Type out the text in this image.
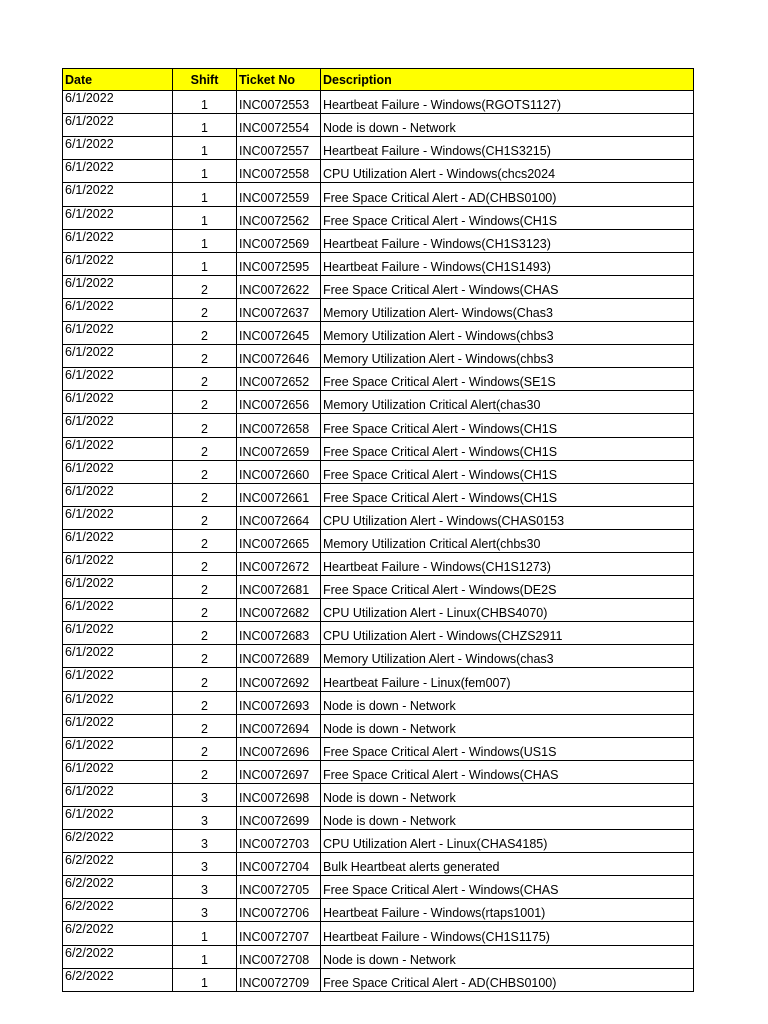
Date	Shift	Ticket No	Description
6/1/2022	1	INC0072553	Heartbeat Failure - Windows(RGOTS1127)
6/1/2022	1	INC0072554	Node is down - Network
6/1/2022	1	INC0072557	Heartbeat Failure - Windows(CH1S3215)
6/1/2022	1	INC0072558	CPU Utilization Alert - Windows(chcs2024
6/1/2022	1	INC0072559	Free Space Critical Alert - AD(CHBS0100)
6/1/2022	1	INC0072562	Free Space Critical Alert - Windows(CH1S
6/1/2022	1	INC0072569	Heartbeat Failure - Windows(CH1S3123)
6/1/2022	1	INC0072595	Heartbeat Failure - Windows(CH1S1493)
6/1/2022	2	INC0072622	Free Space Critical Alert - Windows(CHAS
6/1/2022	2	INC0072637	Memory Utilization Alert- Windows(Chas3
6/1/2022	2	INC0072645	Memory Utilization Alert - Windows(chbs3
6/1/2022	2	INC0072646	Memory Utilization Alert - Windows(chbs3
6/1/2022	2	INC0072652	Free Space Critical Alert - Windows(SE1S
6/1/2022	2	INC0072656	Memory Utilization Critical Alert(chas30
6/1/2022	2	INC0072658	Free Space Critical Alert - Windows(CH1S
6/1/2022	2	INC0072659	Free Space Critical Alert - Windows(CH1S
6/1/2022	2	INC0072660	Free Space Critical Alert - Windows(CH1S
6/1/2022	2	INC0072661	Free Space Critical Alert - Windows(CH1S
6/1/2022	2	INC0072664	CPU Utilization Alert - Windows(CHAS0153
6/1/2022	2	INC0072665	Memory Utilization Critical Alert(chbs30
6/1/2022	2	INC0072672	Heartbeat Failure - Windows(CH1S1273)
6/1/2022	2	INC0072681	Free Space Critical Alert - Windows(DE2S
6/1/2022	2	INC0072682	CPU Utilization Alert - Linux(CHBS4070)
6/1/2022	2	INC0072683	CPU Utilization Alert - Windows(CHZS2911
6/1/2022	2	INC0072689	Memory Utilization Alert - Windows(chas3
6/1/2022	2	INC0072692	Heartbeat Failure - Linux(fem007)
6/1/2022	2	INC0072693	Node is down - Network
6/1/2022	2	INC0072694	Node is down - Network
6/1/2022	2	INC0072696	Free Space Critical Alert - Windows(US1S
6/1/2022	2	INC0072697	Free Space Critical Alert - Windows(CHAS
6/1/2022	3	INC0072698	Node is down - Network
6/1/2022	3	INC0072699	Node is down - Network
6/2/2022	3	INC0072703	CPU Utilization Alert - Linux(CHAS4185)
6/2/2022	3	INC0072704	Bulk Heartbeat alerts generated
6/2/2022	3	INC0072705	Free Space Critical Alert - Windows(CHAS
6/2/2022	3	INC0072706	Heartbeat Failure - Windows(rtaps1001)
6/2/2022	1	INC0072707	Heartbeat Failure - Windows(CH1S1175)
6/2/2022	1	INC0072708	Node is down - Network
6/2/2022	1	INC0072709	Free Space Critical Alert - AD(CHBS0100)
